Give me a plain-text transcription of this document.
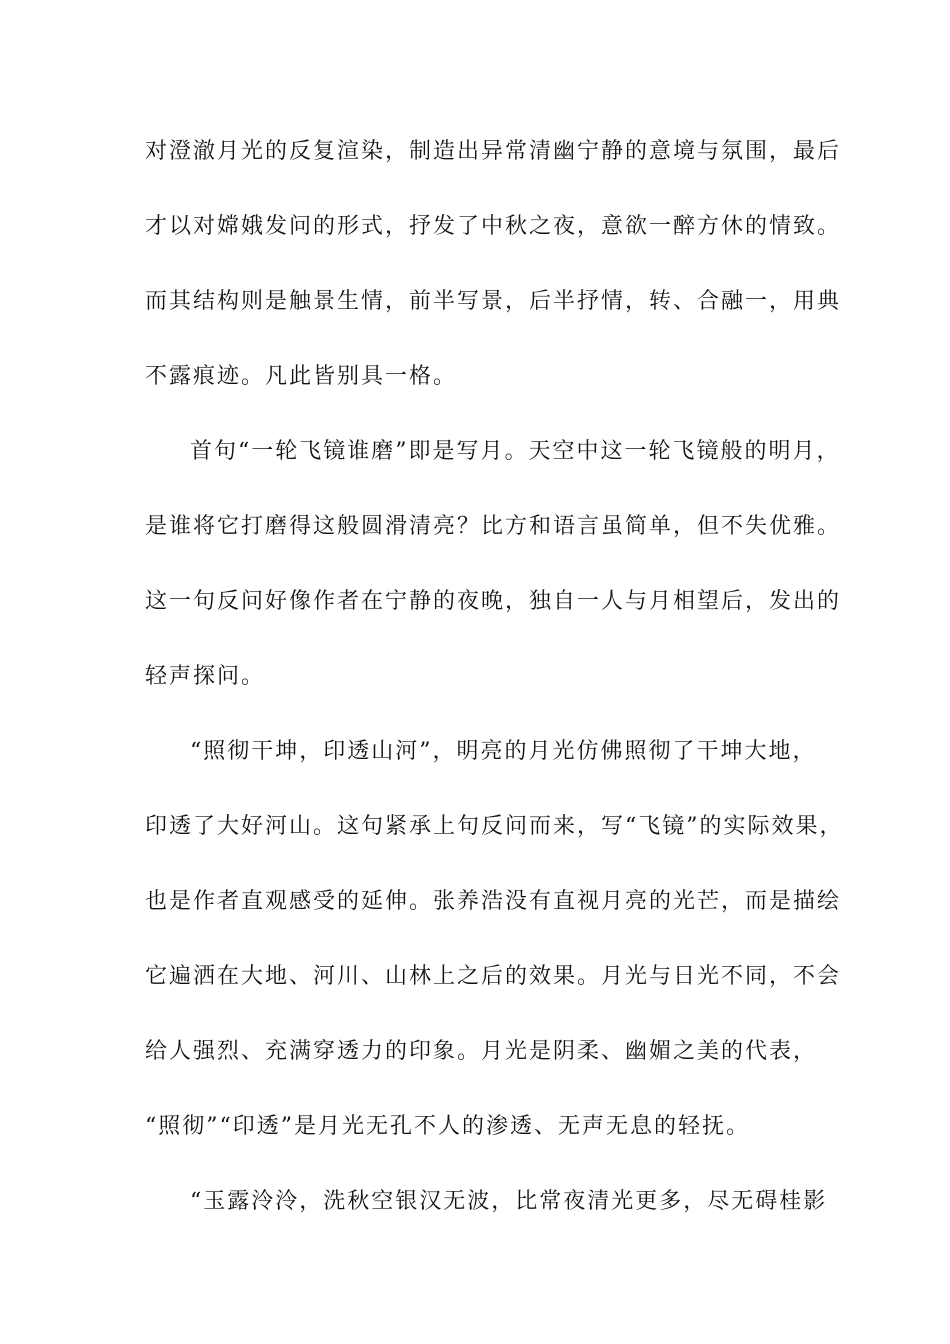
对澄澈月光的反复渲染，制造出异常清幽宁静的意境与氛围，最后
才以对嫦娥发问的形式，抒发了中秋之夜，意欲一醉方休的情致。
而其结构则是触景生情，前半写景，后半抒情，转、合融一，用典
不露痕迹。凡此皆别具一格。
首句“一轮飞镜谁磨”即是写月。天空中这一轮飞镜般的明月，
是谁将它打磨得这般圆滑清亮？比方和语言虽简单，但不失优雅。
这一句反问好像作者在宁静的夜晚，独自一人与月相望后，发出的
轻声探问。
“照彻干坤，印透山河”，明亮的月光仿佛照彻了干坤大地，
印透了大好河山。这句紧承上句反问而来，写“飞镜”的实际效果，
也是作者直观感受的延伸。张养浩没有直视月亮的光芒，而是描绘
它遍洒在大地、河川、山林上之后的效果。月光与日光不同，不会
给人强烈、充满穿透力的印象。月光是阴柔、幽媚之美的代表，
“照彻”“印透”是月光无孔不人的渗透、无声无息的轻抚。
“玉露泠泠，洗秋空银汉无波，比常夜清光更多，尽无碍桂影
